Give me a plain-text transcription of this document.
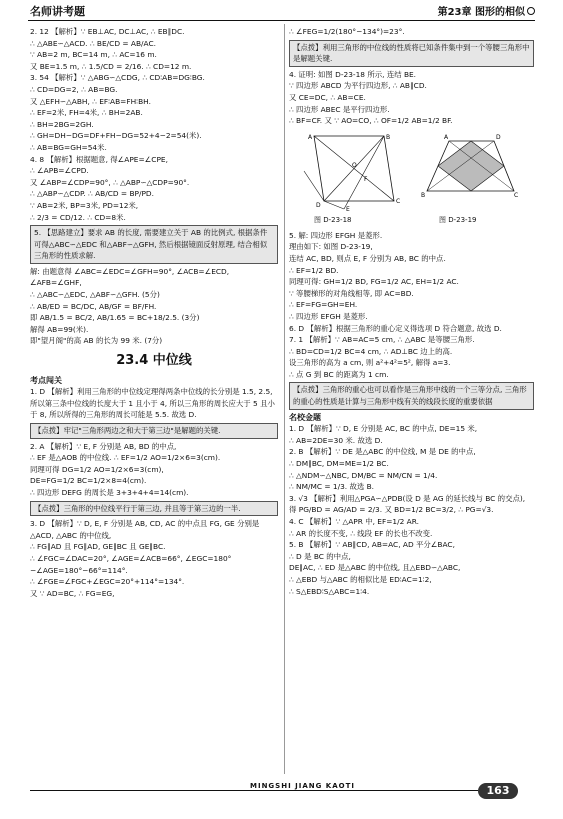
名师讲考题	第23章 图形的相似

2. 12 【解析】∵ EB⊥AC, DC⊥AC, ∴ EB∥DC.

∴ △ABE∽△ACD. ∴ BE/CD = AB/AC.

∵ AB=2 m, BC=14 m, ∴ AC=16 m.

又 BE=1.5 m, ∴ 1.5/CD = 2/16. ∴ CD=12 m.

3. 54 【解析】∵ △ABG∽△CDG, ∴ CD∶AB=DG∶BG.

∴ CD=DG=2, ∴ AB=BG.

又 △EFH∽△ABH, ∴ EF∶AB=FH∶BH.

∴ EF=2米, FH=4米, ∴ BH=2AB.

∴ BH=2BG=2GH.

∴ GH=DH−DG=DF+FH−DG=52+4−2=54(米).

∴ AB=BG=GH=54米.

4. 8 【解析】根据题意, 得∠APE=∠CPE,

∴ ∠APB=∠CPD.

又 ∠ABP=∠CDP=90°, ∴ △ABP∽△CDP=90°.

∴ △ABP∽△CDP. ∴ AB/CD = BP/PD.

∵ AB=2米, BP=3米, PD=12米,

∴ 2/3 = CD/12. ∴ CD=8米.

5. 【思路建立】要求 AB 的长度, 需要建立关于 AB 的比例式, 根据条件可得△ABC∽△EDC 和△ABF∽△GFH, 然后根据镜面反射原理, 结合相似三角形的性质求解.

解: 由题意得 ∠ABC=∠EDC=∠GFH=90°, ∠ACB=∠ECD, ∠AFB=∠GHF,

∴ △ABC∽△EDC, △ABF∽△GFH. (5分)

∴ AB/ED = BC/DC, AB/GF = BF/FH.

即 AB/1.5 = BC/2, AB/1.65 = BC+18/2.5. (3分)

解得 AB=99(米).

即"望月阁"的高 AB 的长为 99 米. (7分)

23.4 中位线
考点闯关

1. D 【解析】利用三角形的中位线定理得两条中位线的长分别是 1.5, 2.5, 所以第三条中位线的长度大于 1 且小于 4, 所以三角形的周长应大于 5 且小于 8, 所以所得的三角形的周长可能是 5.5. 故选 D.

【点拨】牢记"三角形两边之和大于第三边"是解题的关键.

2. A 【解析】∵ E, F 分别是 AB, BD 的中点,

∴ EF 是△AOB 的中位线. ∴ EF=1/2 AO=1/2×6=3(cm).

同理可得 DG=1/2 AO=1/2×6=3(cm),

DE=FG=1/2 BC=1/2×8=4(cm).

∴ 四边形 DEFG 的周长是 3+3+4+4=14(cm).

【点拨】三角形的中位线平行于第三边, 并且等于第三边的一半.

3. D 【解析】∵ D, E, F 分别是 AB, CD, AC 的中点且 FG, GE 分别是△ACD, △ABC 的中位线,

∴ FG∥AD 且 FG∥AD, GE∥BC 且 GE∥BC.

∴ ∠FGC=∠DAC=20°, ∠AGE=∠ACB=66°, ∠EGC=180°−∠AGE=180°−66°=114°.

∴ ∠FGE=∠FGC+∠EGC=20°+114°=134°.

又 ∵ AD=BC, ∴ FG=EG,

∴ ∠FEG=1/2(180°−134°)=23°.

【点拨】利用三角形的中位线的性质将已知条件集中到一个等腰三角形中是解题关键.

4. 证明: 如图 D-23-18 所示, 连结 BE.

∵ 四边形 ABCD 为平行四边形, ∴ AB∥CD.

又 CE=DC, ∴ AB=CE.

∴ 四边形 ABEC 是平行四边形.

∴ BF=CF. 又 ∵ AO=CO, ∴ OF=1/2 AB=1/2 BF.

A	B
C
D
E
O
F
A	D
B	C
图 D-23-18	图 D-23-19

5. 解: 四边形 EFGH 是菱形.

理由如下: 如图 D-23-19,

连结 AC, BD, 则点 E, F 分别为 AB, BC 的中点.

∴ EF=1/2 BD.

同理可得: GH=1/2 BD, FG=1/2 AC, EH=1/2 AC.

∵ 等腰梯形的对角线相等, 即 AC=BD.

∴ EF=FG=GH=EH.

∴ 四边形 EFGH 是菱形.

6. D 【解析】根据三角形的重心定义得选项 D 符合题意, 故选 D.

7. 1 【解析】∵ AB=AC=5 cm, ∴ △ABC 是等腰三角形.

∴ BD=CD=1/2 BC=4 cm, ∴ AD⊥BC 边上的高.

设三角形的高为 a cm, 则 a²+4²=5², 解得 a=3.

∴ 点 G 到 BC 的距离为 1 cm.

【点拨】三角形的重心也可以看作是三角形中线的一个三等分点, 三角形的重心的性质是计算与三角形中线有关的线段长度的重要依据

名校金题

1. D 【解析】∵ D, E 分别是 AC, BC 的中点, DE=15 米,

∴ AB=2DE=30 米. 故选 D.

2. B 【解析】∵ DE 是△ABC 的中位线, M 是 DE 的中点,

∴ DM∥BC, DM=ME=1/2 BC.

∴ △NDM∽△NBC, DM/BC = NM/CN = 1/4.

∴ NM/MC = 1/3. 故选 B.

3. √3 【解析】利用△PGA∽△PDB(设 D 是 AG 的延长线与 BC 的交点), 得 PG/BD = AG/AD = 2/3. 又 BD=1/2 BC=3/2, ∴ PG=√3.

4. C 【解析】∵ △APR 中, EF=1/2 AR.

∴ AR 的长度不变, ∴ 线段 EF 的长也不改变.

5. B 【解析】∵ AB∥CD, AB=AC, AD 平分∠BAC,

∴ D 是 BC 的中点,

DE∥AC, ∴ ED 是△ABC 的中位线, 且△EBD∽△ABC,

∴ △EBD 与△ABC 的相似比是 ED∶AC=1∶2,

∴ S△EBD∶S△ABC=1∶4.

MINGSHI JIANG KAOTI	163
